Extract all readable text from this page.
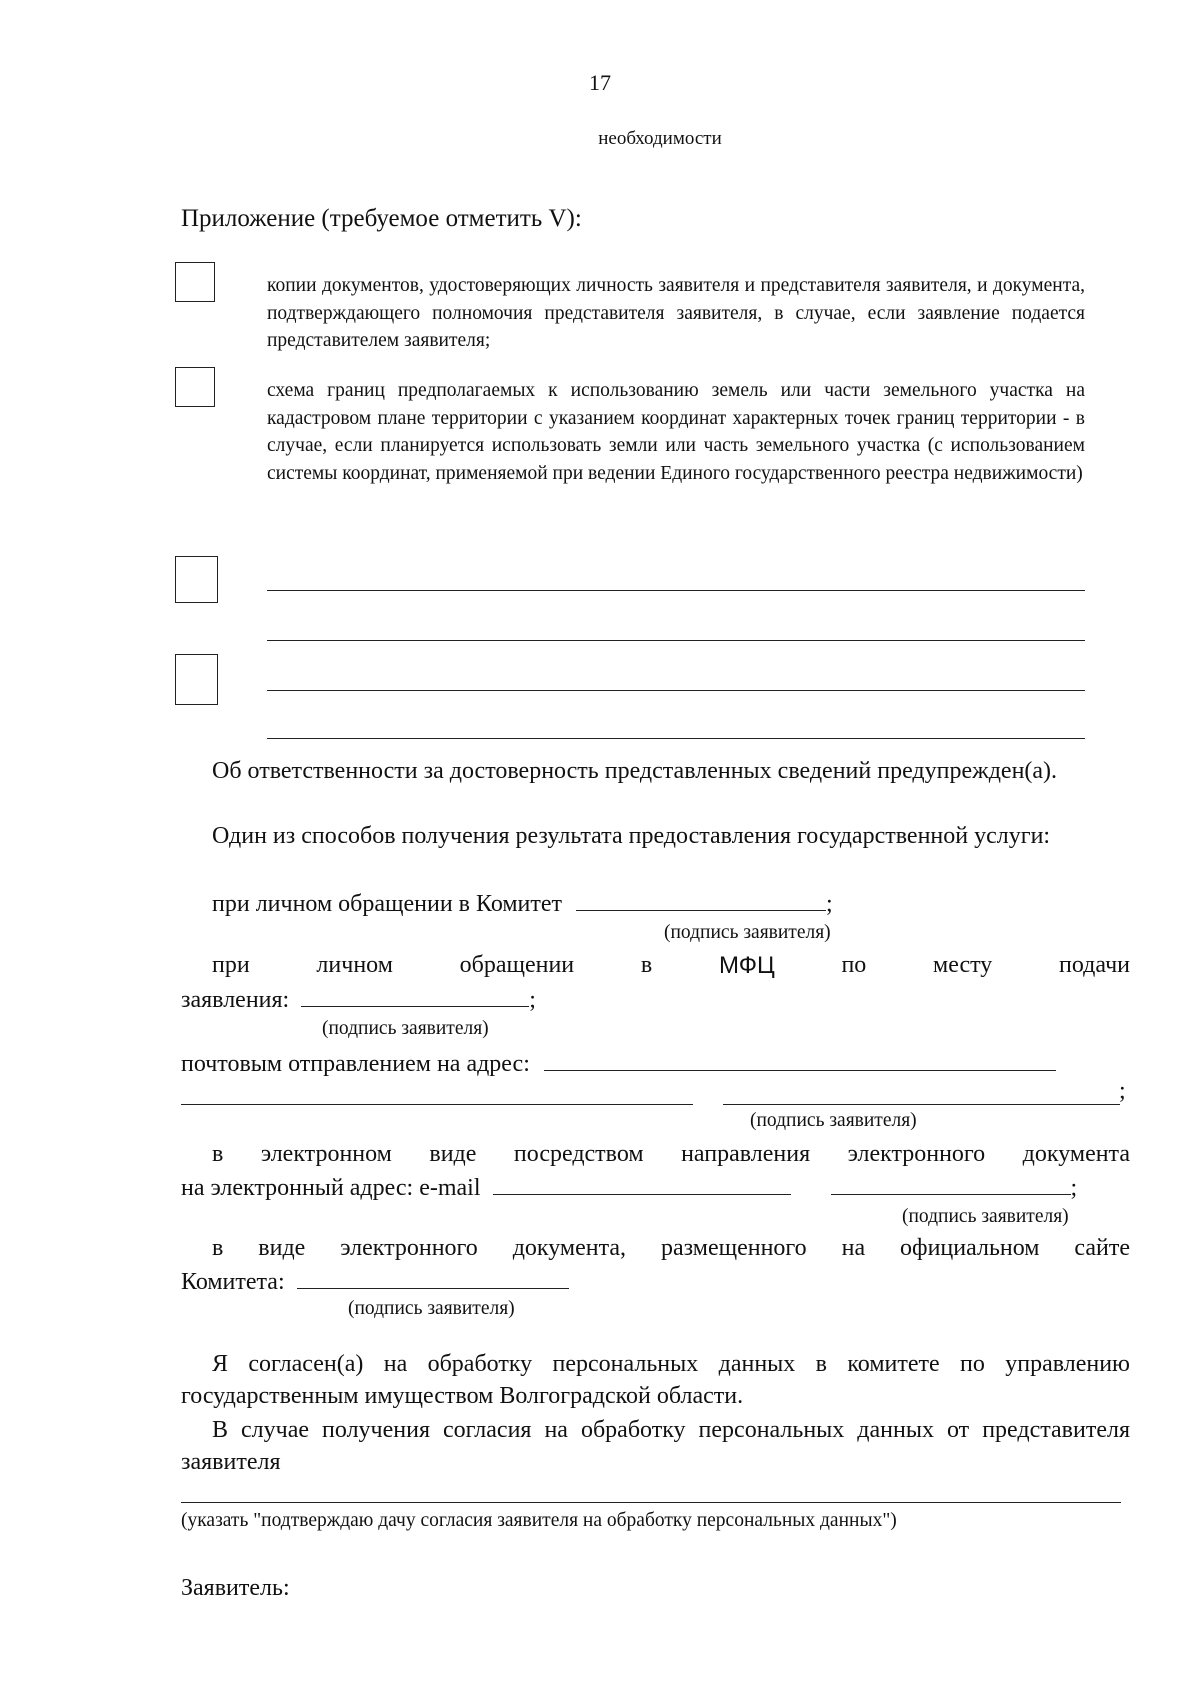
17
необходимости
Приложение (требуемое отметить V):
копии документов, удостоверяющих личность заявителя и представителя заявителя, и документа, подтверждающего полномочия представителя заявителя, в случае, если заявление подается представителем заявителя;
схема границ предполагаемых к использованию земель или части земельного участка на кадастровом плане территории с указанием координат характерных точек границ территории - в случае, если планируется использовать земли или часть земельного участка (с использованием системы координат, применяемой при ведении Единого государственного реестра недвижимости)
Об ответственности за достоверность представленных сведений предупрежден(а).
Один из способов получения результата предоставления государственной услуги:
при личном обращении в Комитет	;
(подпись заявителя)
при	личном	обращении	в	МФЦ	по	месту	подачи
заявления:	;
(подпись заявителя)
почтовым отправлением на адрес:
;
(подпись заявителя)
в электронном виде посредством направления электронного документа
на электронный адрес: e-mail	;
(подпись заявителя)
в виде электронного документа, размещенного на официальном сайте
Комитета:
(подпись заявителя)
Я согласен(а) на обработку персональных данных в комитете по управлению государственным имуществом Волгоградской области.
В случае получения согласия на обработку персональных данных от представителя заявителя
(указать "подтверждаю дачу согласия заявителя на обработку персональных данных")
Заявитель:
